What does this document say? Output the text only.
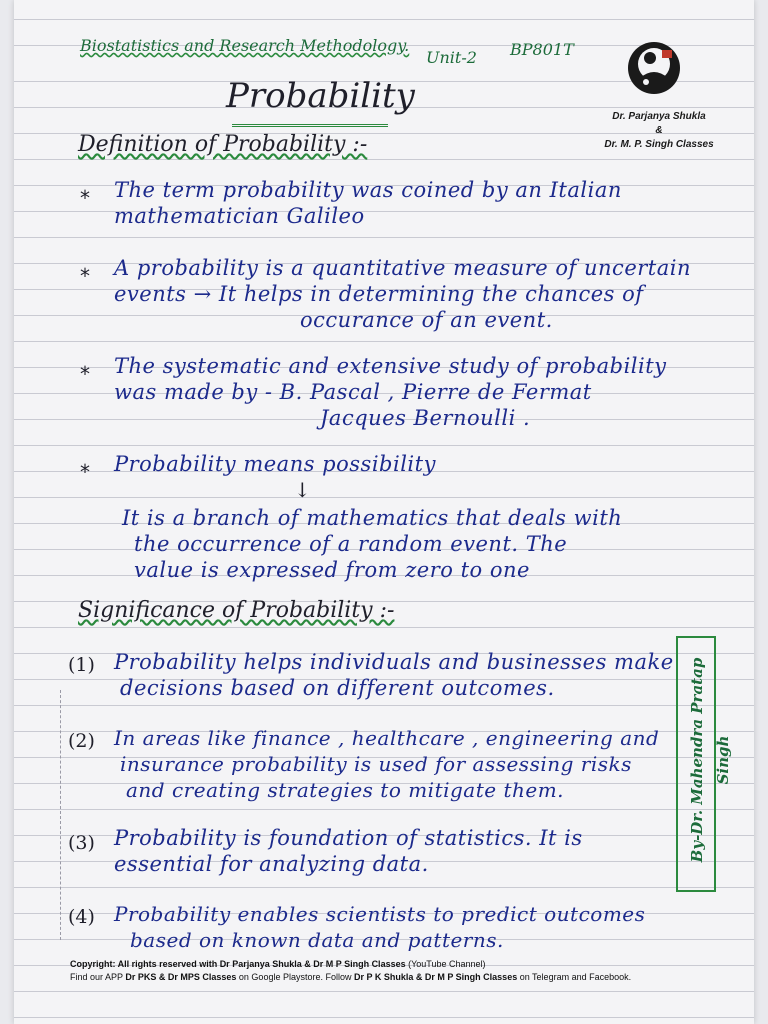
Biostatistics and Research Methodology.
Unit-2 BP801T
Probability
Dr. Parjanya Shukla
&
Dr. M. P. Singh Classes
Definition of Probability :-
* The term probability was coined by an Italian
mathematician Galileo
* A probability is a quantitative measure of uncertain
events → It helps in determining the chances of
occurance of an event.
* The systematic and extensive study of probability
was made by - B. Pascal , Pierre de Fermat
Jacques Bernoulli .
* Probability means possibility
↓
It is a branch of mathematics that deals with
the occurrence of a random event. The
value is expressed from zero to one
Significance of Probability :-
(1) Probability helps individuals and businesses make
decisions based on different outcomes.
(2) In areas like finance , healthcare , engineering and
insurance probability is used for assessing risks
and creating strategies to mitigate them.
(3) Probability is foundation of statistics. It is
essential for analyzing data.
(4) Probability enables scientists to predict outcomes
based on known data and patterns.
By-Dr. Mahendra Pratap Singh
Copyright: All rights reserved with Dr Parjanya Shukla & Dr M P Singh Classes (YouTube Channel)
Find our APP Dr PKS & Dr MPS Classes on Google Playstore. Follow Dr P K Shukla & Dr M P Singh Classes on Telegram and Facebook.
